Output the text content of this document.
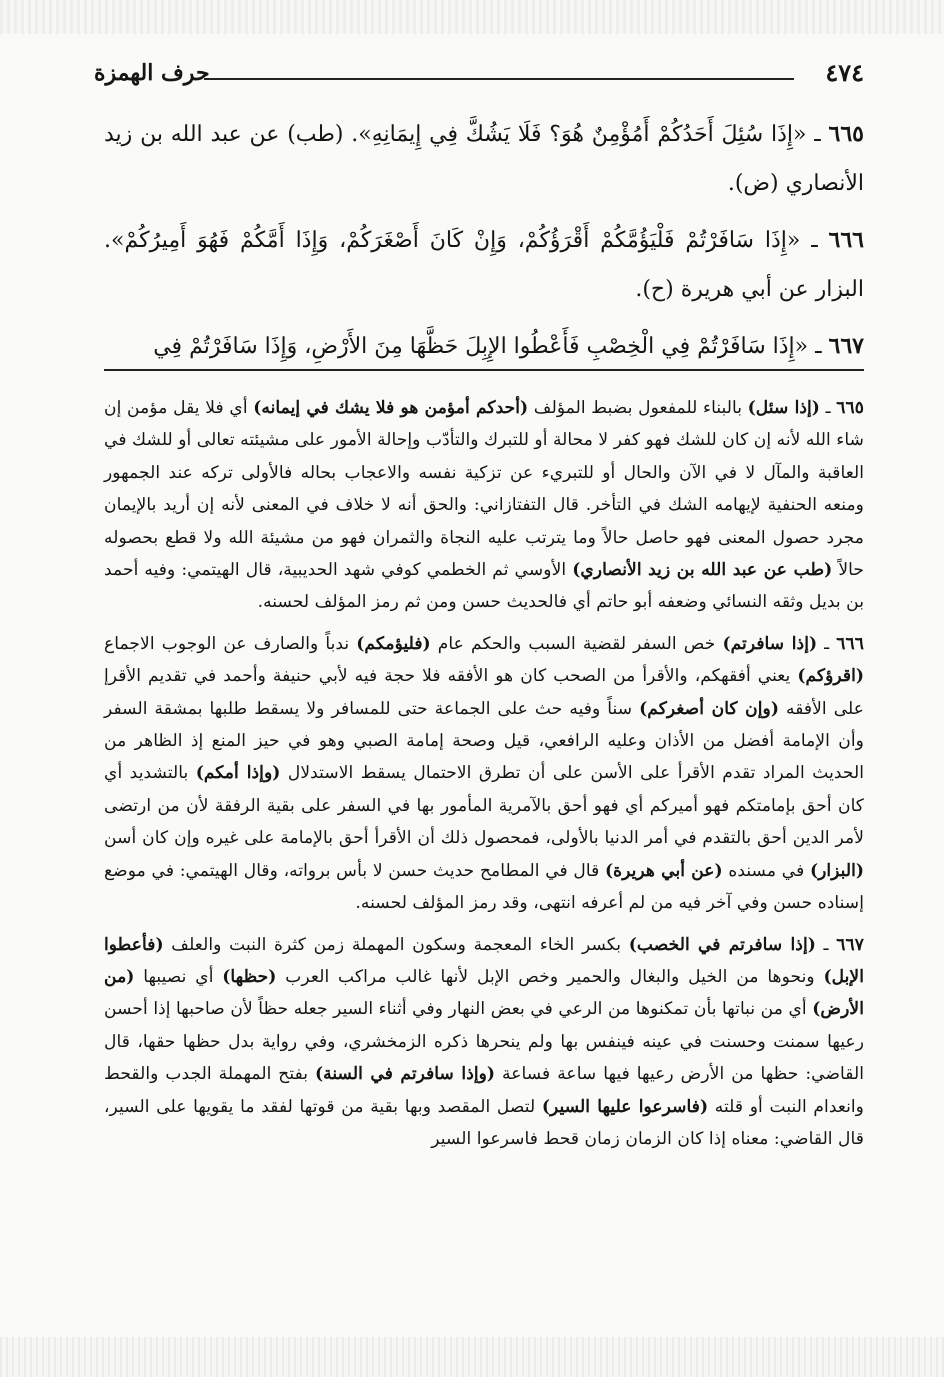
٤٧٤
حرف الهمزة

٦٦٥ ـ «إِذَا سُئِلَ أَحَدُكُمْ أَمُؤْمِنٌ هُوَ؟ فَلَا يَشُكَّ فِي إِيمَانِهِ». (طب) عن عبد الله بن زيد الأنصاري (ض).

٦٦٦ ـ «إِذَا سَافَرْتُمْ فَلْيَؤُمَّكُمْ أَقْرَؤُكُمْ، وَإِنْ كَانَ أَصْغَرَكُمْ، وَإِذَا أَمَّكُمْ فَهُوَ أَمِيرُكُمْ». البزار عن أبي هريرة (ح).

٦٦٧ ـ «إِذَا سَافَرْتُمْ فِي الْخِصْبِ فَأَعْطُوا الإِبِلَ حَظَّهَا مِنَ الأَرْضِ، وَإِذَا سَافَرْتُمْ فِي

٦٦٥ ـ (إذا سئل) بالبناء للمفعول بضبط المؤلف (أحدكم أمؤمن هو فلا يشك في إيمانه) أي فلا يقل مؤمن إن شاء الله لأنه إن كان للشك فهو كفر لا محالة أو للتبرك والتأدّب وإحالة الأمور على مشيئته تعالى أو للشك في العاقبة والمآل لا في الآن والحال أو للتبريء عن تزكية نفسه والاعجاب بحاله فالأولى تركه عند الجمهور ومنعه الحنفية لإيهامه الشك في التأخر. قال التفتازاني: والحق أنه لا خلاف في المعنى لأنه إن أريد بالإيمان مجرد حصول المعنى فهو حاصل حالاً وما يترتب عليه النجاة والثمران فهو من مشيئة الله ولا قطع بحصوله حالاً (طب عن عبد الله بن زيد الأنصاري) الأوسي ثم الخطمي كوفي شهد الحديبية، قال الهيتمي: وفيه أحمد بن بديل وثقه النسائي وضعفه أبو حاتم أي فالحديث حسن ومن ثم رمز المؤلف لحسنه.

٦٦٦ ـ (إذا سافرتم) خص السفر لقضية السبب والحكم عام (فليؤمكم) ندباً والصارف عن الوجوب الاجماع (اقرؤكم) يعني أفقهكم، والأقرأ من الصحب كان هو الأفقه فلا حجة فيه لأبي حنيفة وأحمد في تقديم الأقرإ على الأفقه (وإن كان أصغركم) سناً وفيه حث على الجماعة حتى للمسافر ولا يسقط طلبها بمشقة السفر وأن الإمامة أفضل من الأذان وعليه الرافعي، قيل وصحة إمامة الصبي وهو في حيز المنع إذ الظاهر من الحديث المراد تقدم الأقرأ على الأسن على أن تطرق الاحتمال يسقط الاستدلال (وإذا أمكم) بالتشديد أي كان أحق بإمامتكم فهو أميركم أي فهو أحق بالآمرية المأمور بها في السفر على بقية الرفقة لأن من ارتضى لأمر الدين أحق بالتقدم في أمر الدنيا بالأولى، فمحصول ذلك أن الأقرأ أحق بالإمامة على غيره وإن كان أسن (البزار) في مسنده (عن أبي هريرة) قال في المطامح حديث حسن لا بأس برواته، وقال الهيتمي: في موضع إسناده حسن وفي آخر فيه من لم أعرفه انتهى، وقد رمز المؤلف لحسنه.

٦٦٧ ـ (إذا سافرتم في الخصب) بكسر الخاء المعجمة وسكون المهملة زمن كثرة النبت والعلف (فأعطوا الإبل) ونحوها من الخيل والبغال والحمير وخص الإبل لأنها غالب مراكب العرب (حظها) أي نصيبها (من الأرض) أي من نباتها بأن تمكنوها من الرعي في بعض النهار وفي أثناء السير جعله حظاً لأن صاحبها إذا أحسن رعيها سمنت وحسنت في عينه فينفس بها ولم ينحرها ذكره الزمخشري، وفي رواية بدل حظها حقها، قال القاضي: حظها من الأرض رعيها فيها ساعة فساعة (وإذا سافرتم في السنة) بفتح المهملة الجدب والقحط وانعدام النبت أو قلته (فاسرعوا عليها السير) لتصل المقصد وبها بقية من قوتها لفقد ما يقويها على السير، قال القاضي: معناه إذا كان الزمان زمان قحط فاسرعوا السير
